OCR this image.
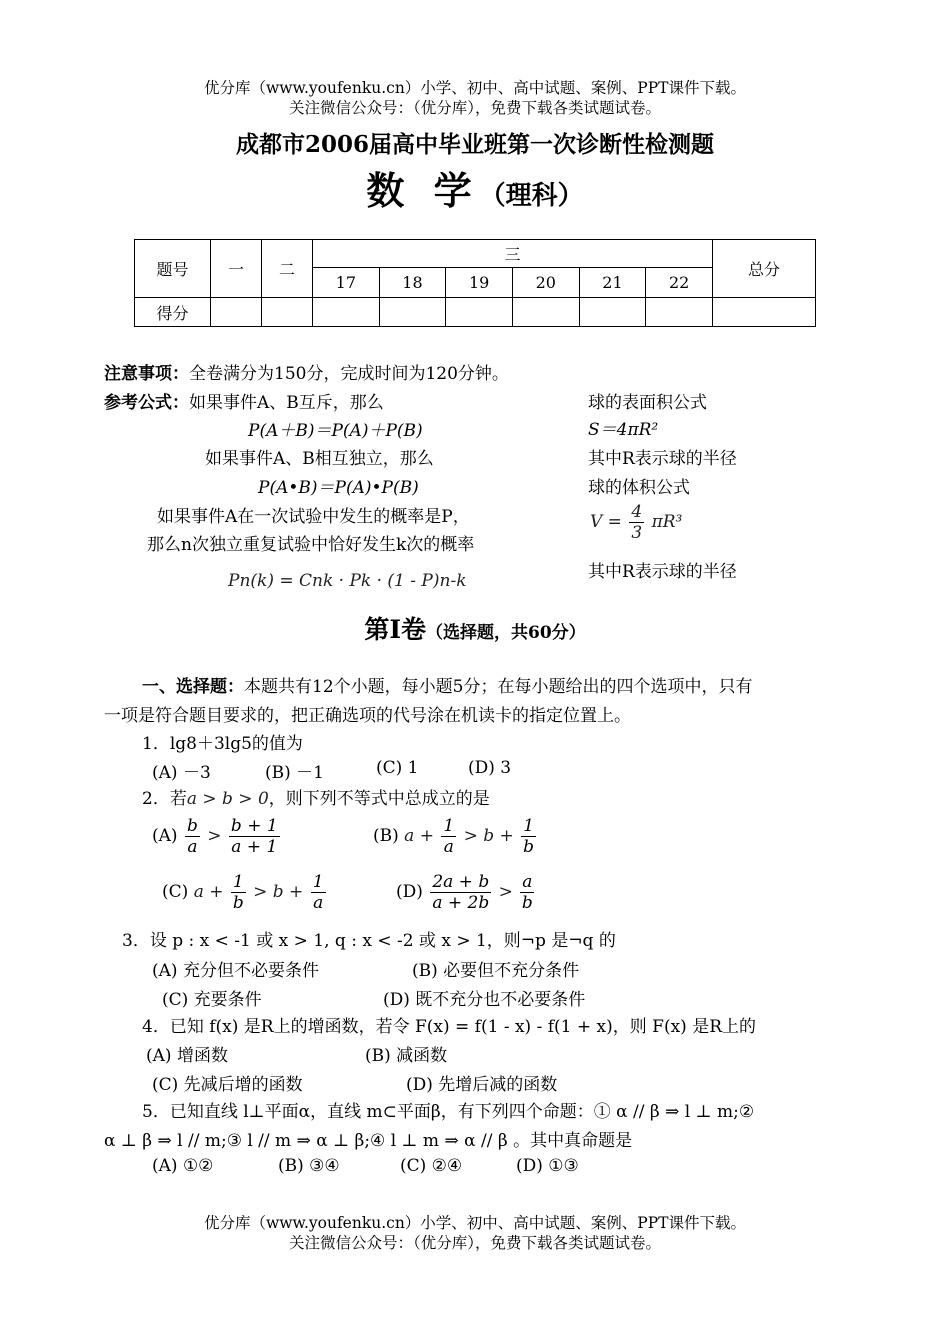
优分库（www.youfenku.cn）小学、初中、高中试题、案例、PPT课件下载。
关注微信公众号：（优分库），免费下载各类试题试卷。
成都市2006届高中毕业班第一次诊断性检测题
数 学（理科）
题号	一	二	三						总分
			17	18	19	20	21	22	
得分									
注意事项：全卷满分为150分，完成时间为120分钟。
参考公式：如果事件A、B互斥，那么
P(A＋B)＝P(A)＋P(B)
如果事件A、B相互独立，那么
P(A•B)＝P(A)•P(B)
如果事件A在一次试验中发生的概率是P，
那么n次独立重复试验中恰好发生k次的概率
Pn(k) = Cnk · Pk · (1 - P)n-k
球的表面积公式
S＝4πR²
其中R表示球的半径
球的体积公式
$V = \frac{4}{3} \pi R^3$
其中R表示球的半径
第Ⅰ卷（选择题，共60分）
一、选择题：本题共有12个小题，每小题5分；在每小题给出的四个选项中，只有
一项是符合题目要求的，把正确选项的代号涂在机读卡的指定位置上。
1．lg8＋3lg5的值为
(A) －3	(B) －1	(C) 1	(D) 3
2．若a > b > 0，则下列不等式中总成立的是
$(A) \frac{b}{a} > \frac{b + 1}{a + 1}$	(B) $a + \frac{1}{a} > b + \frac{1}{b}$
(C) $a + \frac{1}{b} > b + \frac{1}{a}$	$(D) \frac{2a + b}{a + 2b} > \frac{a}{b}$
3．设 p : x < -1 或 x > 1, q : x < -2 或 x > 1，则¬p 是¬q 的
(A) 充分但不必要条件	(B) 必要但不充分条件
(C) 充要条件	(D) 既不充分也不必要条件
4．已知 f(x) 是R上的增函数，若令 F(x) = f(1 - x) - f(1 + x)，则 F(x) 是R上的
(A) 增函数	(B) 减函数
(C) 先减后增的函数	(D) 先增后减的函数
5．已知直线 l⊥平面α，直线 m⊂平面β，有下列四个命题：① α // β ⇒ l ⊥ m;②
α ⊥ β ⇒ l // m;③ l // m ⇒ α ⊥ β;④ l ⊥ m ⇒ α // β 。其中真命题是
(A) ①②	(B) ③④	(C) ②④	(D) ①③
优分库（www.youfenku.cn）小学、初中、高中试题、案例、PPT课件下载。
关注微信公众号：（优分库），免费下载各类试题试卷。
